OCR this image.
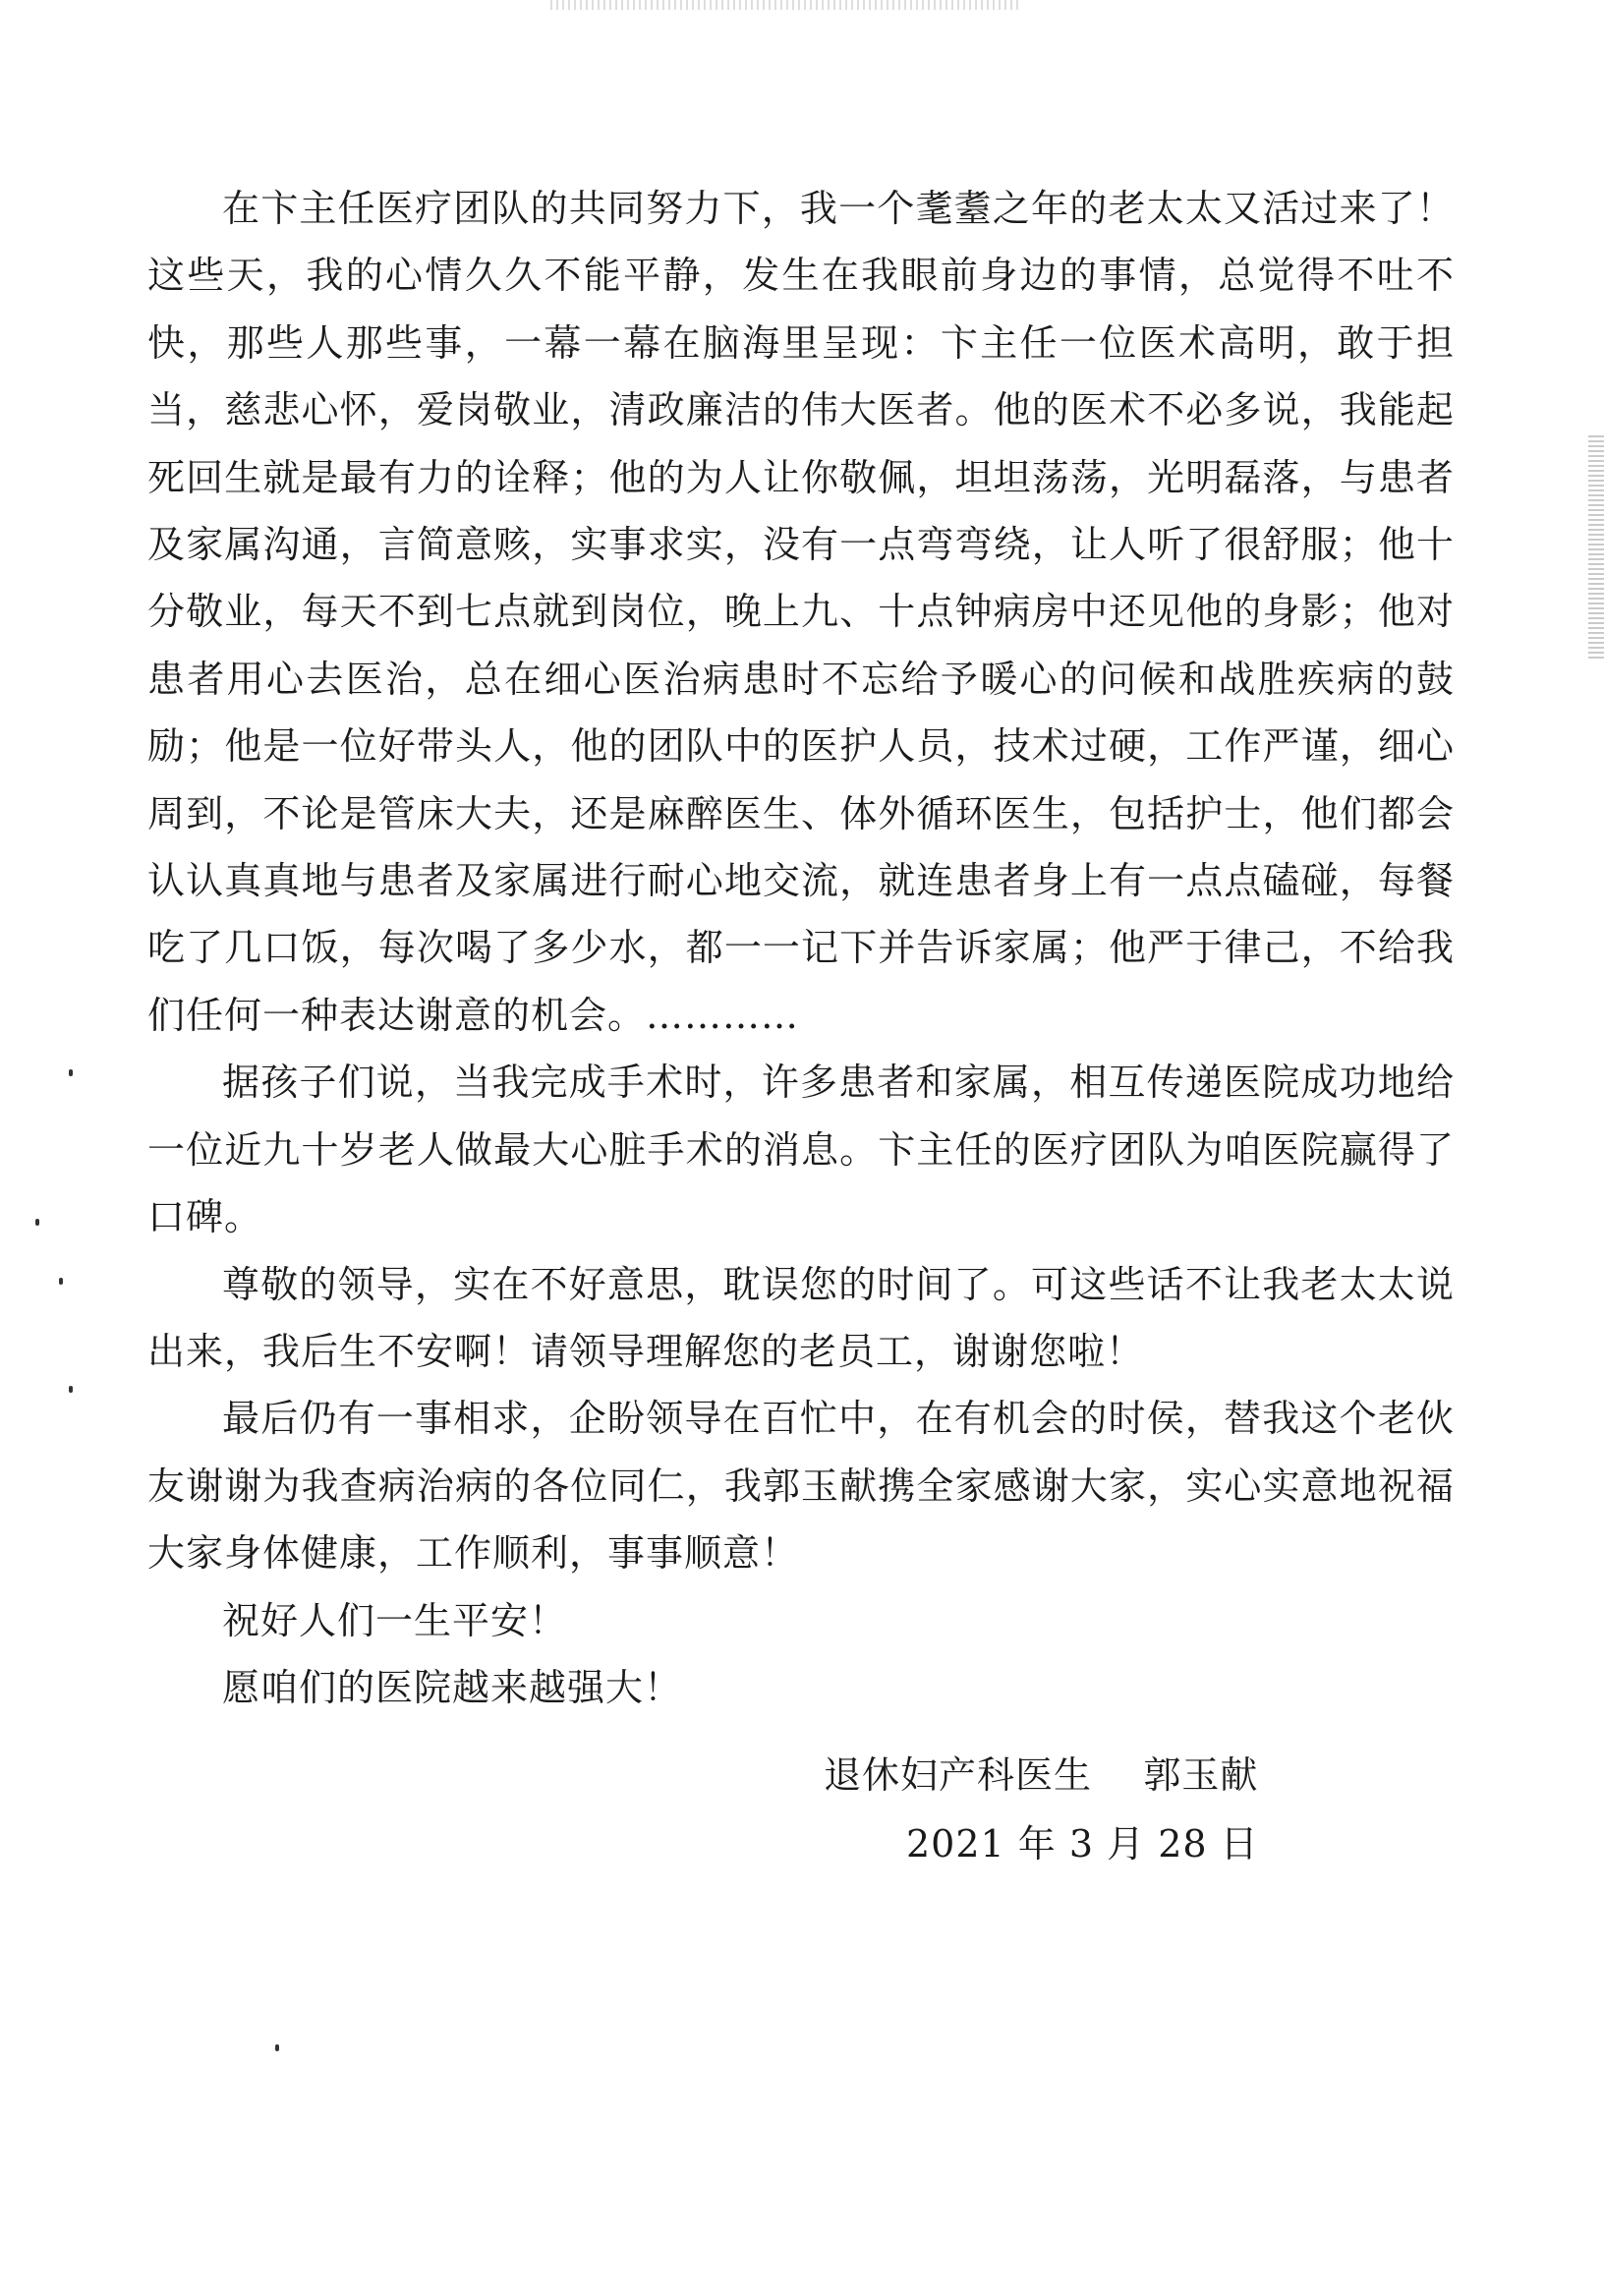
在卞主任医疗团队的共同努力下，我一个耄耋之年的老太太又活过来了！这些天，我的心情久久不能平静，发生在我眼前身边的事情，总觉得不吐不快，那些人那些事，一幕一幕在脑海里呈现：卞主任一位医术高明，敢于担当，慈悲心怀，爱岗敬业，清政廉洁的伟大医者。他的医术不必多说，我能起死回生就是最有力的诠释；他的为人让你敬佩，坦坦荡荡，光明磊落，与患者及家属沟通，言简意赅，实事求实，没有一点弯弯绕，让人听了很舒服；他十分敬业，每天不到七点就到岗位，晚上九、十点钟病房中还见他的身影；他对患者用心去医治，总在细心医治病患时不忘给予暖心的问候和战胜疾病的鼓励；他是一位好带头人，他的团队中的医护人员，技术过硬，工作严谨，细心周到，不论是管床大夫，还是麻醉医生、体外循环医生，包括护士，他们都会认认真真地与患者及家属进行耐心地交流，就连患者身上有一点点磕碰，每餐吃了几口饭，每次喝了多少水，都一一记下并告诉家属；他严于律己，不给我们任何一种表达谢意的机会。…………

据孩子们说，当我完成手术时，许多患者和家属，相互传递医院成功地给一位近九十岁老人做最大心脏手术的消息。卞主任的医疗团队为咱医院赢得了口碑。

尊敬的领导，实在不好意思，耽误您的时间了。可这些话不让我老太太说出来，我后生不安啊！请领导理解您的老员工，谢谢您啦！

最后仍有一事相求，企盼领导在百忙中，在有机会的时侯，替我这个老伙友谢谢为我查病治病的各位同仁，我郭玉献携全家感谢大家，实心实意地祝福大家身体健康，工作顺利，事事顺意！

祝好人们一生平安！

愿咱们的医院越来越强大！

退休妇产科医生    郭玉献
2021 年 3 月 28 日
